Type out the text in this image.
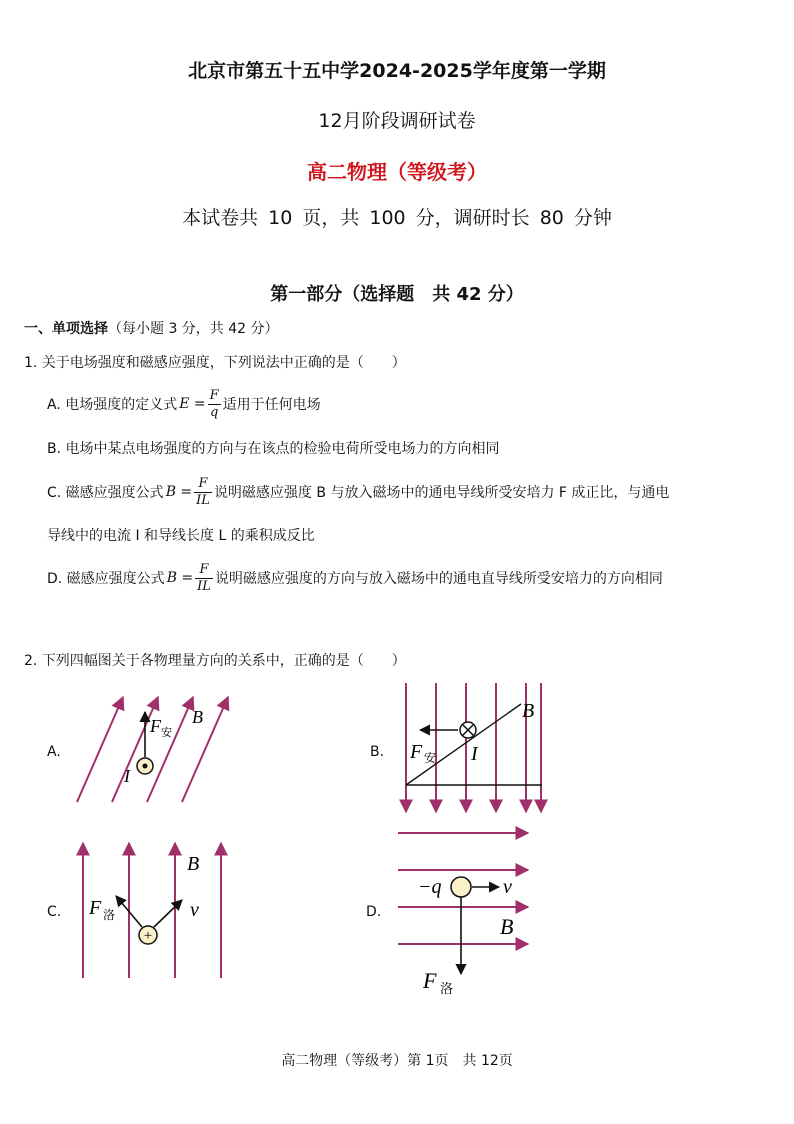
北京市第五十五中学2024-2025学年度第一学期
12月阶段调研试卷
高二物理（等级考）
本试卷共 10 页，共 100 分，调研时长 80 分钟
第一部分（选择题　共 42 分）
一、单项选择（每小题 3 分，共 42 分）
1. 关于电场强度和磁感应强度，下列说法中正确的是（　　）
A. 电场强度的定义式 $E = \frac{F}{q}$ 适用于任何电场
B. 电场中某点电场强度的方向与在该点的检验电荷所受电场力的方向相同
C. 磁感应强度公式 $B = \frac{F}{IL}$ 说明磁感应强度 B 与放入磁场中的通电导线所受安培力 F 成正比，与通电
导线中的电流 I 和导线长度 L 的乘积成反比
D. 磁感应强度公式 $B = \frac{F}{IL}$ 说明磁感应强度的方向与放入磁场中的通电直导线所受安培力的方向相同
2. 下列四幅图关于各物理量方向的关系中，正确的是（　　）
A.	B.
C.	D.
F 安
I
B
F 安 I
B
+
F 洛	v
B
−q	v
B
F 洛
高二物理（等级考）第 1页　共 12页
